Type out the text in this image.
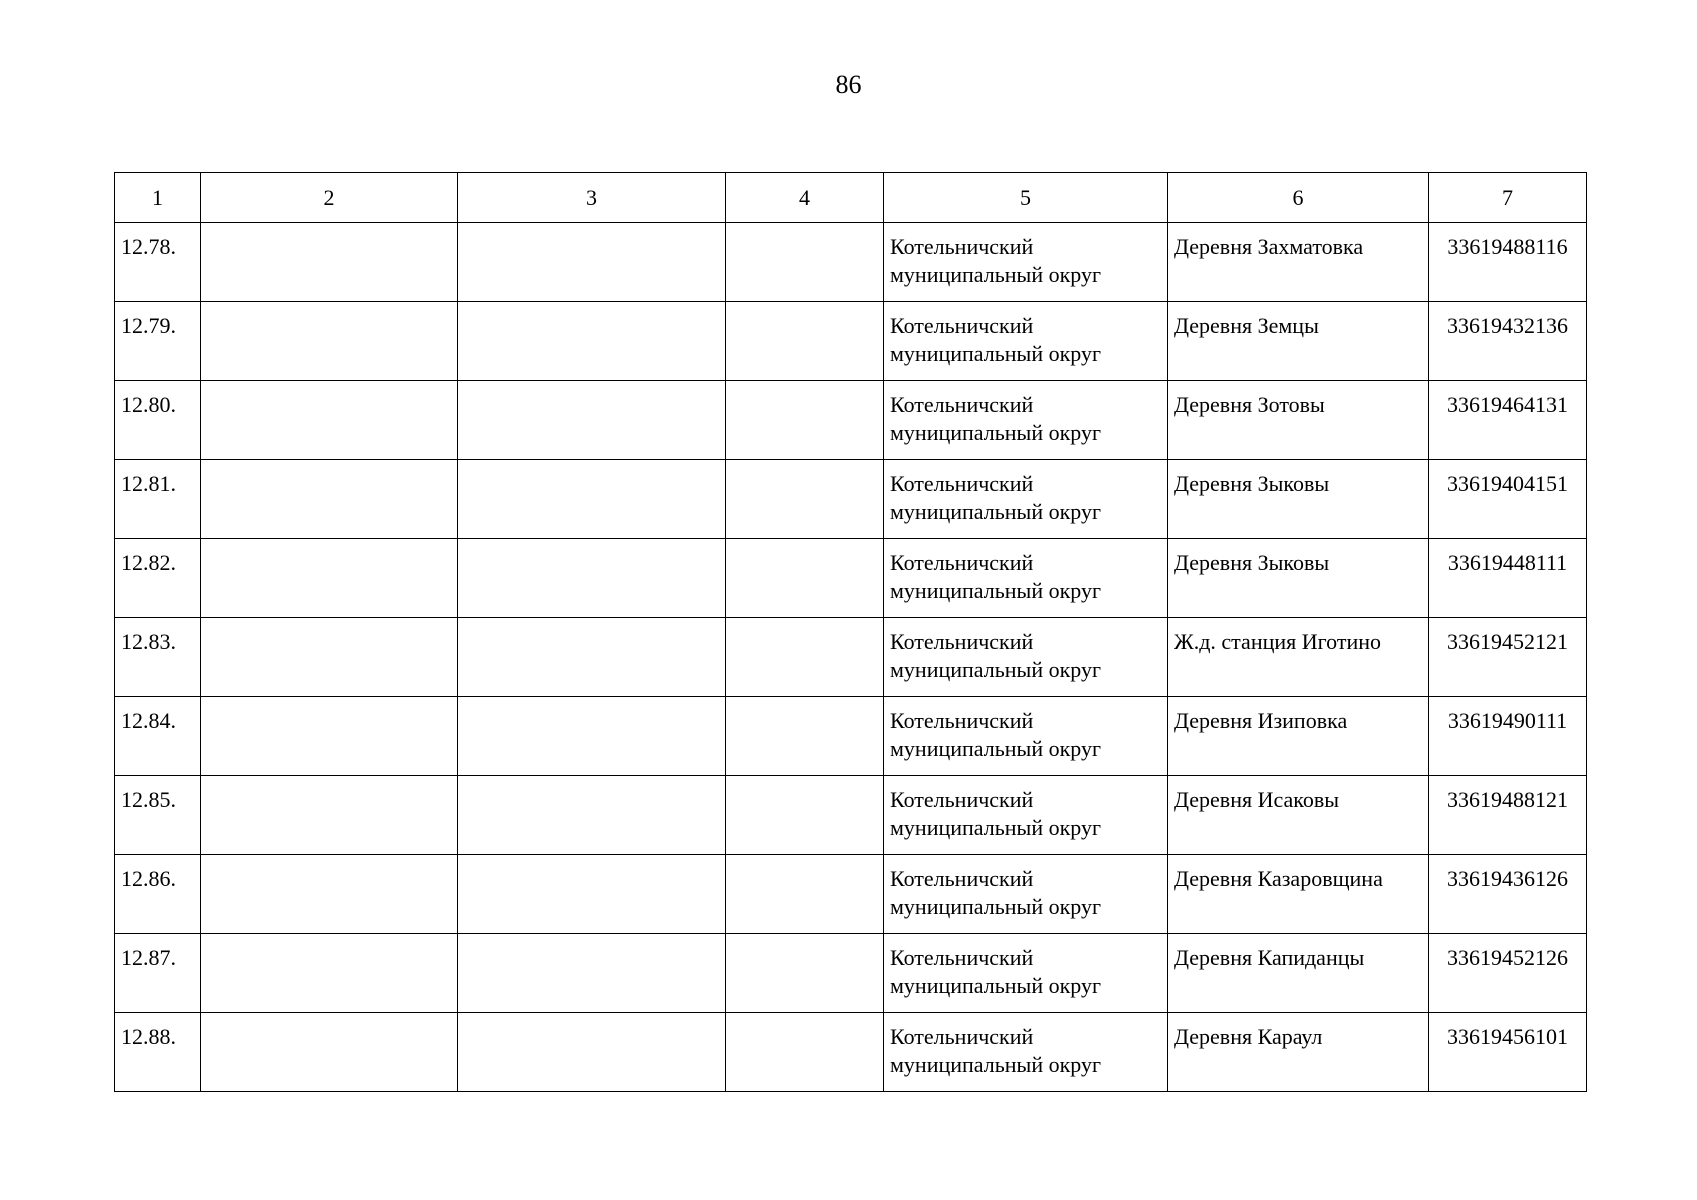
86
1	2	3	4	5	6	7

12.78.				Котельничский муниципальный округ	Деревня Захматовка	33619488116

12.79.				Котельничский муниципальный округ	Деревня Земцы	33619432136

12.80.				Котельничский муниципальный округ	Деревня Зотовы	33619464131

12.81.				Котельничский муниципальный округ	Деревня Зыковы	33619404151

12.82.				Котельничский муниципальный округ	Деревня Зыковы	33619448111

12.83.				Котельничский муниципальный округ	Ж.д. станция Иготино	33619452121

12.84.				Котельничский муниципальный округ	Деревня Изиповка	33619490111

12.85.				Котельничский муниципальный округ	Деревня Исаковы	33619488121

12.86.				Котельничский муниципальный округ	Деревня Казаровщина	33619436126

12.87.				Котельничский муниципальный округ	Деревня Капиданцы	33619452126

12.88.				Котельничский муниципальный округ	Деревня Караул	33619456101
